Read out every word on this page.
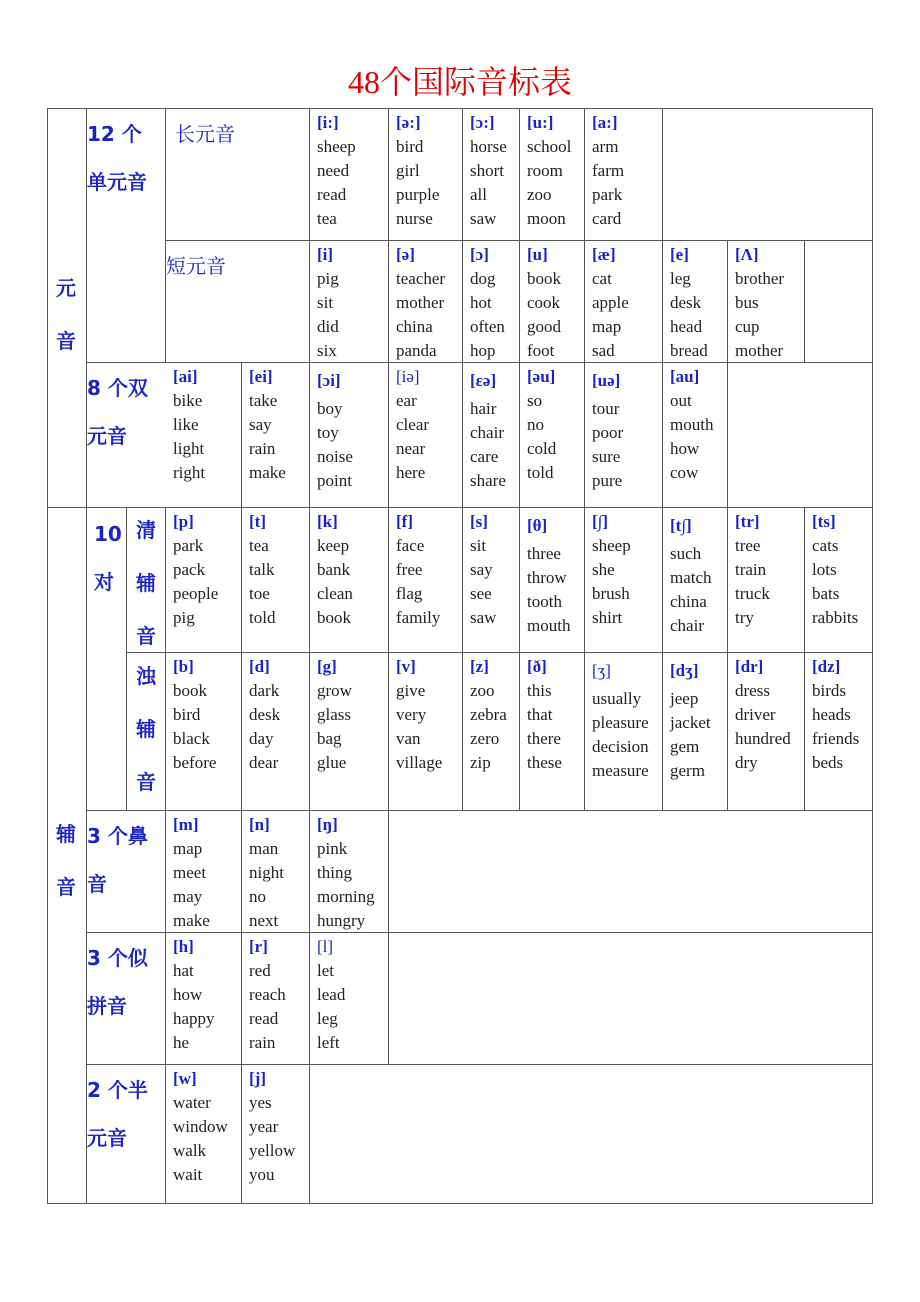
48个国际音标表
元
音
辅
音
12 个单元音
长元音
短元音
8 个双元音
10
对
清
辅
音
浊
辅
音
3 个鼻音
3 个似拼音
2 个半元音
[i:]
sheep
need
read
tea
[ə:]
bird
girl
purple
nurse
[ɔ:]
horse
short
all
saw
[u:]
school
room
zoo
moon
[a:]
arm
farm
park
card
[i]
pig
sit
did
six
[ə]
teacher
mother
china
panda
[ɔ]
dog
hot
often
hop
[u]
book
cook
good
foot
[æ]
cat
apple
map
sad
[e]
leg
desk
head
bread
[Λ]
brother
bus
cup
mother
[ai]
bike
like
light
right
[ei]
take
say
rain
make
[ɔi]
boy
toy
noise
point
[iə]
ear
clear
near
here
[εə]
hair
chair
care
share
[əu]
so
no
cold
told
[uə]
tour
poor
sure
pure
[au]
out
mouth
how
cow
[p]
park
pack
people
pig
[t]
tea
talk
toe
told
[k]
keep
bank
clean
book
[f]
face
free
flag
family
[s]
sit
say
see
saw
[θ]
three
throw
tooth
mouth
[∫]
sheep
she
brush
shirt
[t∫]
such
match
china
chair
[tr]
tree
train
truck
try
[ts]
cats
lots
bats
rabbits
[b]
book
bird
black
before
[d]
dark
desk
day
dear
[g]
grow
glass
bag
glue
[v]
give
very
van
village
[z]
zoo
zebra
zero
zip
[ð]
this
that
there
these
[ʒ]
usually
pleasure
decision
measure
[dʒ]
jeep
jacket
gem
germ
[dr]
dress
driver
hundred
dry
[dz]
birds
heads
friends
beds
[m]
map
meet
may
make
[n]
man
night
no
next
[ŋ]
pink
thing
morning
hungry
[h]
hat
how
happy
he
[r]
red
reach
read
rain
[l]
let
lead
leg
left
[w]
water
window
walk
wait
[j]
yes
year
yellow
you
